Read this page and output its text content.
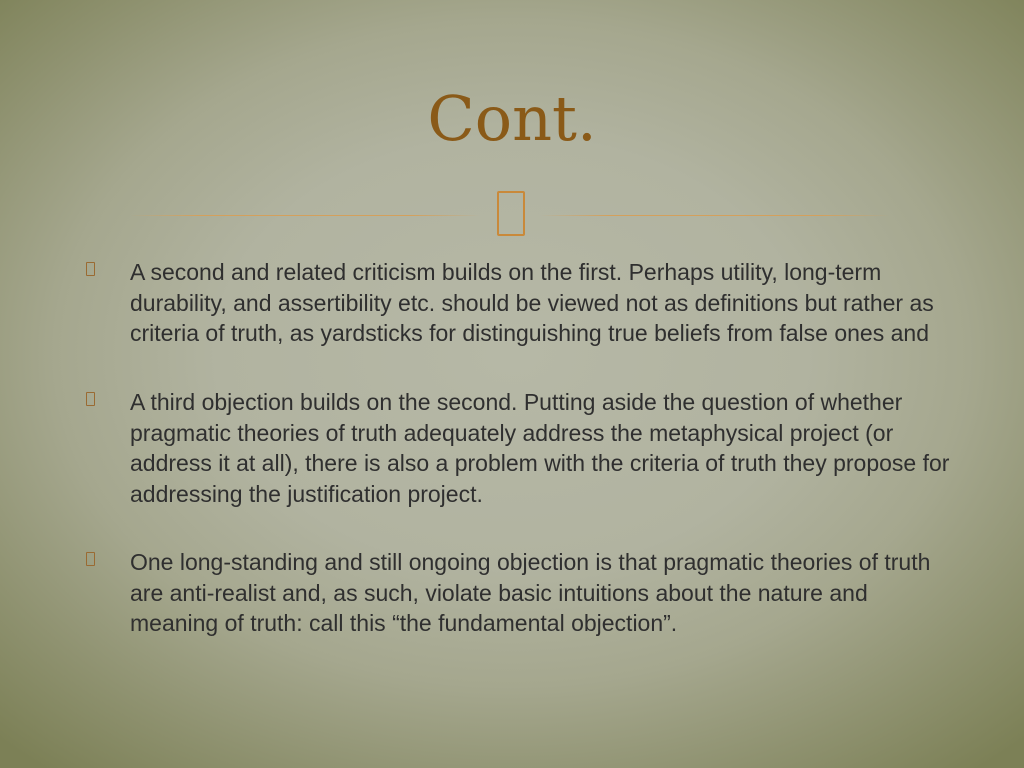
Cont.
A second and related criticism builds on the first. Perhaps utility, long-term durability, and assertibility etc. should be viewed not as definitions but rather as criteria of truth, as yardsticks for distinguishing true beliefs from false ones and
A third objection builds on the second. Putting aside the question of whether pragmatic theories of truth adequately address the metaphysical project (or address it at all), there is also a problem with the criteria of truth they propose for addressing the justification project.
One long-standing and still ongoing objection is that pragmatic theories of truth are anti-realist and, as such, violate basic intuitions about the nature and meaning of truth: call this “the fundamental objection”.
